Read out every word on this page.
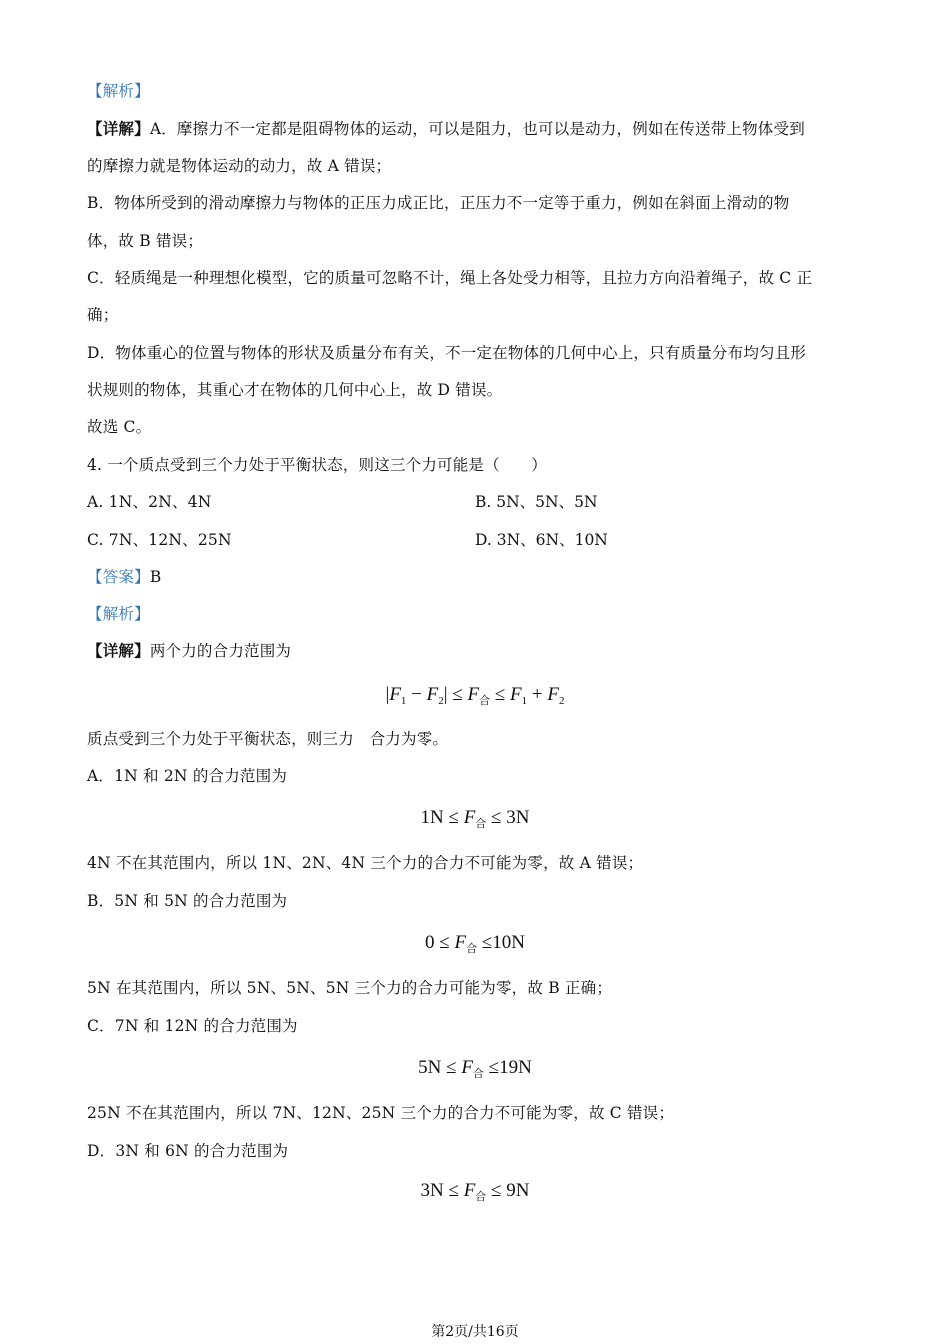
【解析】
【详解】A．摩擦力不一定都是阻碍物体的运动，可以是阻力，也可以是动力，例如在传送带上物体受到
的摩擦力就是物体运动的动力，故 A 错误；
B．物体所受到的滑动摩擦力与物体的正压力成正比，正压力不一定等于重力，例如在斜面上滑动的物
体，故 B 错误；
C．轻质绳是一种理想化模型，它的质量可忽略不计，绳上各处受力相等，且拉力方向沿着绳子，故 C 正
确；
D．物体重心的位置与物体的形状及质量分布有关，不一定在物体的几何中心上，只有质量分布均匀且形
状规则的物体，其重心才在物体的几何中心上，故 D 错误。
故选 C。
4. 一个质点受到三个力处于平衡状态，则这三个力可能是（　　）
A. 1N、2N、4N	B. 5N、5N、5N
C. 7N、12N、25N	D. 3N、6N、10N
【答案】B
【解析】
【详解】两个力的合力范围为
$|F_1 - F_2| \le F_合 \le F_1 + F_2$
质点受到三个力处于平衡状态，则三力　合力为零。
A．1N 和 2N 的合力范围为
$1N \le F_合 \le 3N$
4N 不在其范围内，所以 1N、2N、4N 三个力的合力不可能为零，故 A 错误；
B．5N 和 5N 的合力范围为
$0 \le F_合 \le 10N$
5N 在其范围内，所以 5N、5N、5N 三个力的合力可能为零，故 B 正确；
C．7N 和 12N 的合力范围为
$5N \le F_合 \le 19N$
25N 不在其范围内，所以 7N、12N、25N 三个力的合力不可能为零，故 C 错误；
D．3N 和 6N 的合力范围为
$3N \le F_合 \le 9N$
第2页/共16页
